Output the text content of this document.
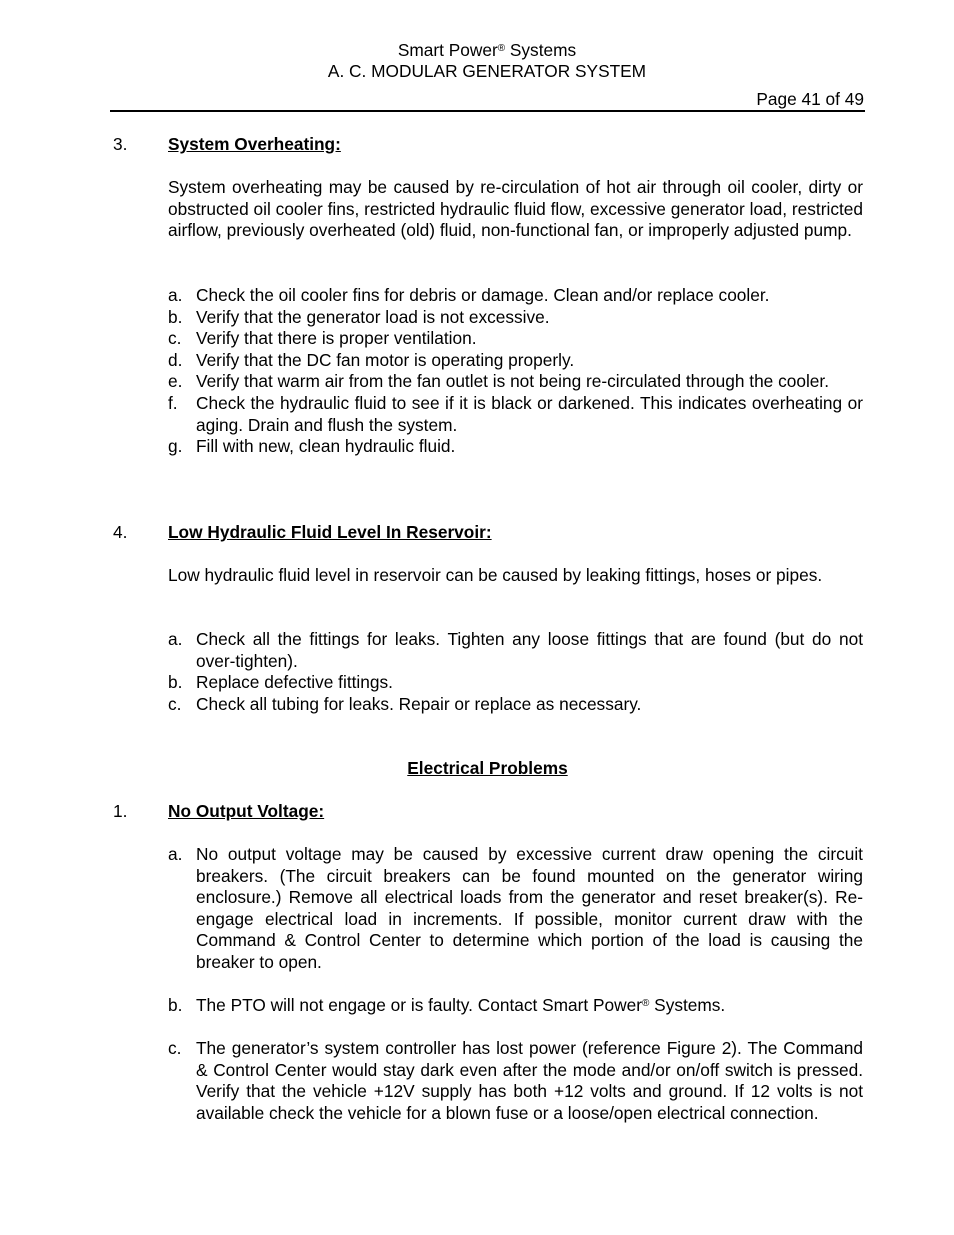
Smart Power® Systems
A. C. MODULAR GENERATOR SYSTEM
Page 41 of 49
3. System Overheating:

System overheating may be caused by re-circulation of hot air through oil cooler, dirty or obstructed oil cooler fins, restricted hydraulic fluid flow, excessive generator load, restricted airflow, previously overheated (old) fluid, non-functional fan, or improperly adjusted pump.

a. Check the oil cooler fins for debris or damage. Clean and/or replace cooler.
b. Verify that the generator load is not excessive.
c. Verify that there is proper ventilation.
d. Verify that the DC fan motor is operating properly.
e. Verify that warm air from the fan outlet is not being re-circulated through the cooler.
f.	Check the hydraulic fluid to see if it is black or darkened. This indicates overheating or aging. Drain and flush the system.
g. Fill with new, clean hydraulic fluid.
4. Low Hydraulic Fluid Level In Reservoir:

Low hydraulic fluid level in reservoir can be caused by leaking fittings, hoses or pipes.

a. Check all the fittings for leaks. Tighten any loose fittings that are found (but do not over-tighten).
b. Replace defective fittings.
c. Check all tubing for leaks. Repair or replace as necessary.
Electrical Problems
1. No Output Voltage:
a. No output voltage may be caused by excessive current draw opening the circuit breakers. (The circuit breakers can be found mounted on the generator wiring enclosure.) Remove all electrical loads from the generator and reset breaker(s). Re-engage electrical load in increments. If possible, monitor current draw with the Command & Control Center to determine which portion of the load is causing the breaker to open.
b. The PTO will not engage or is faulty. Contact Smart Power® Systems.
c. The generator’s system controller has lost power (reference Figure 2). The Command & Control Center would stay dark even after the mode and/or on/off switch is pressed. Verify that the vehicle +12V supply has both +12 volts and ground. If 12 volts is not available check the vehicle for a blown fuse or a loose/open electrical connection.
